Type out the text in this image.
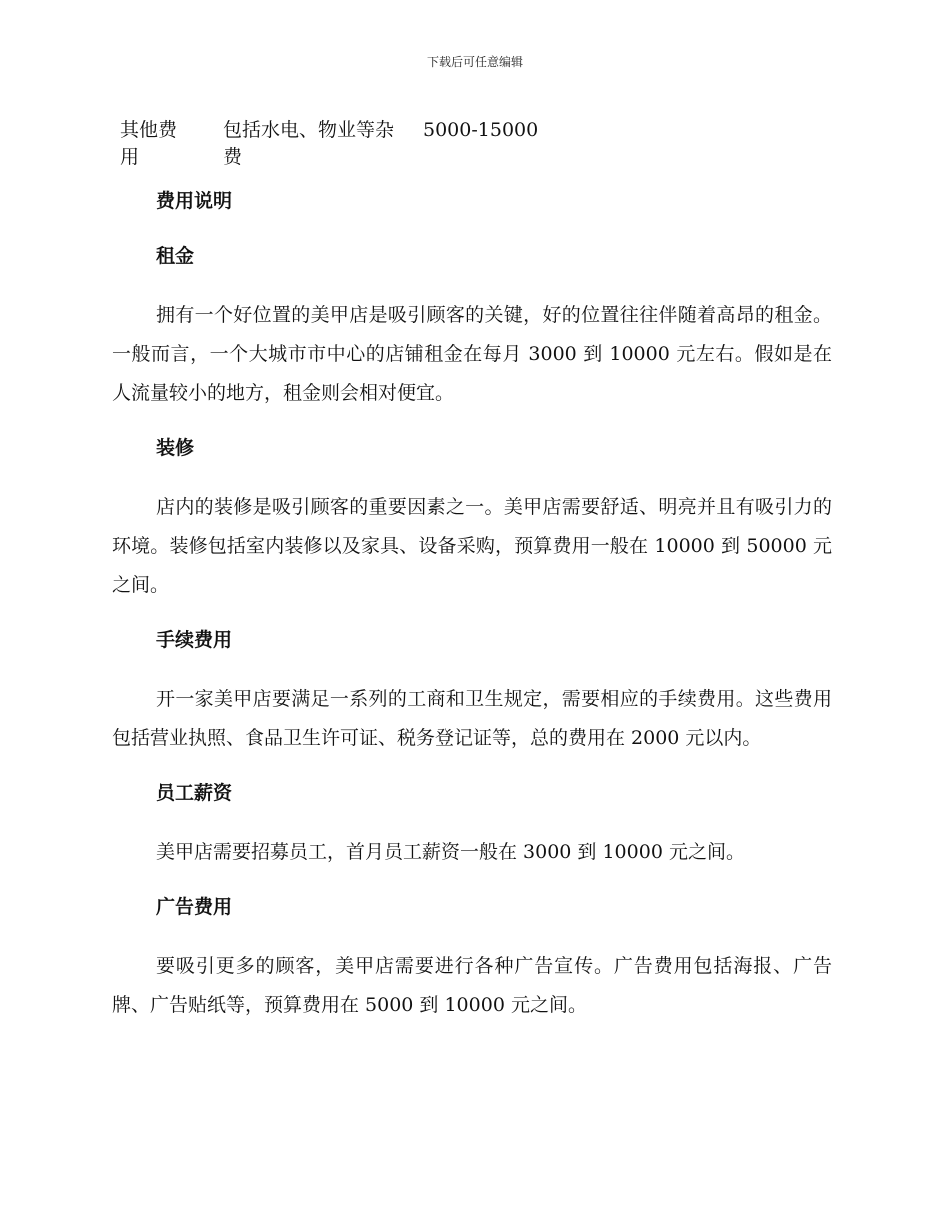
下载后可任意编辑
其他费用
包括水电、物业等杂费
5000-15000
费用说明
租金

拥有一个好位置的美甲店是吸引顾客的关键，好的位置往往伴随着高昂的租金。一般而言，一个大城市市中心的店铺租金在每月 3000 到 10000 元左右。假如是在人流量较小的地方，租金则会相对便宜。

装修

店内的装修是吸引顾客的重要因素之一。美甲店需要舒适、明亮并且有吸引力的环境。装修包括室内装修以及家具、设备采购，预算费用一般在 10000 到 50000 元之间。

手续费用

开一家美甲店要满足一系列的工商和卫生规定，需要相应的手续费用。这些费用包括营业执照、食品卫生许可证、税务登记证等，总的费用在 2000 元以内。

员工薪资

美甲店需要招募员工，首月员工薪资一般在 3000 到 10000 元之间。

广告费用

要吸引更多的顾客，美甲店需要进行各种广告宣传。广告费用包括海报、广告牌、广告贴纸等，预算费用在 5000 到 10000 元之间。
